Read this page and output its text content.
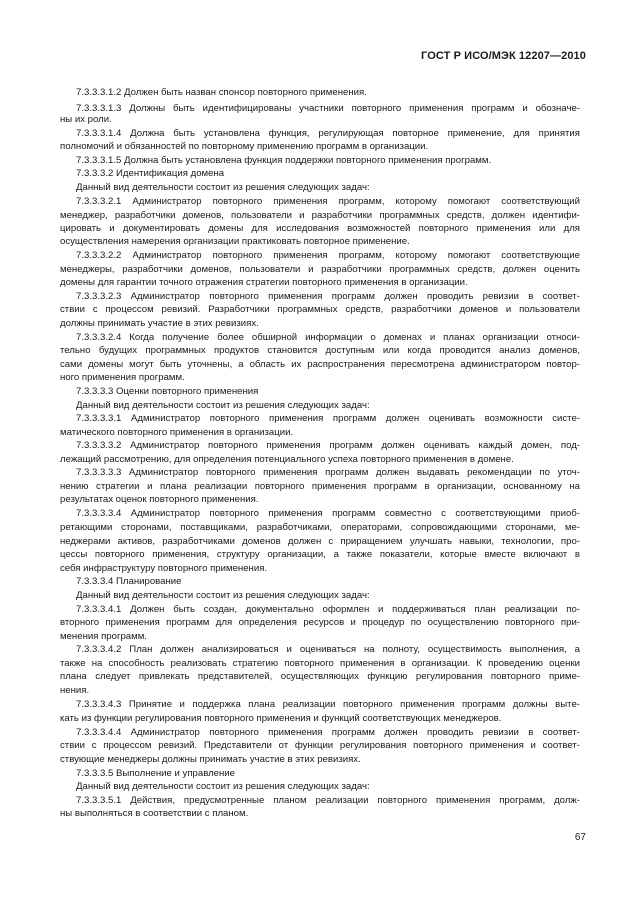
ГОСТ Р ИСО/МЭК 12207—2010
7.3.3.3.1.2 Должен быть назван спонсор повторного применения.
7.3.3.3.1.3 Должны быть идентифицированы участники повторного применения программ и обозначе-
ны их роли.
7.3.3.3.1.4 Должна быть установлена функция, регулирующая повторное применение, для принятия
полномочий и обязанностей по повторному применению программ в организации.
7.3.3.3.1.5 Должна быть установлена функция поддержки повторного применения программ.
7.3.3.3.2 Идентификация домена
Данный вид деятельности состоит из решения следующих задач:
7.3.3.3.2.1 Администратор повторного применения программ, которому помогают соответствующий
менеджер, разработчики доменов, пользователи и разработчики программных средств, должен идентифи-
цировать и документировать домены для исследования возможностей повторного применения или для
осуществления намерения организации практиковать повторное применение.
7.3.3.3.2.2 Администратор повторного применения программ, которому помогают соответствующие
менеджеры, разработчики доменов, пользователи и разработчики программных средств, должен оценить
домены для гарантии точного отражения стратегии повторного применения в организации.
7.3.3.3.2.3 Администратор повторного применения программ должен проводить ревизии в соответ-
ствии с процессом ревизий. Разработчики программных средств, разработчики доменов и пользователи
должны принимать участие в этих ревизиях.
7.3.3.3.2.4 Когда получение более обширной информации о доменах и планах организации относи-
тельно будущих программных продуктов становится доступным или когда проводится анализ доменов,
сами домены могут быть уточнены, а область их распространения пересмотрена администратором повтор-
ного применения программ.
7.3.3.3.3 Оценки повторного применения
Данный вид деятельности состоит из решения следующих задач:
7.3.3.3.3.1 Администратор повторного применения программ должен оценивать возможности систе-
матического повторного применения в организации.
7.3.3.3.3.2 Администратор повторного применения программ должен оценивать каждый домен, под-
лежащий рассмотрению, для определения потенциального успеха повторного применения в домене.
7.3.3.3.3.3 Администратор повторного применения программ должен выдавать рекомендации по уточ-
нению стратегии и плана реализации повторного применения программ в организации, основанному на
результатах оценок повторного применения.
7.3.3.3.3.4 Администратор повторного применения программ совместно с соответствующими приоб-
ретающими сторонами, поставщиками, разработчиками, операторами, сопровождающими сторонами, ме-
неджерами активов, разработчиками доменов должен с приращением улучшать навыки, технологии, про-
цессы повторного применения, структуру организации, а также показатели, которые вместе включают в
себя инфраструктуру повторного применения.
7.3.3.3.4 Планирование
Данный вид деятельности состоит из решения следующих задач:
7.3.3.3.4.1 Должен быть создан, документально оформлен и поддерживаться план реализации по-
вторного применения программ для определения ресурсов и процедур по осуществлению повторного при-
менения программ.
7.3.3.3.4.2 План должен анализироваться и оцениваться на полноту, осуществимость выполнения, а
также на способность реализовать стратегию повторного применения в организации. К проведению оценки
плана следует привлекать представителей, осуществляющих функцию регулирования повторного приме-
нения.
7.3.3.3.4.3 Принятие и поддержка плана реализации повторного применения программ должны выте-
кать из функции регулирования повторного применения и функций соответствующих менеджеров.
7.3.3.3.4.4 Администратор повторного применения программ должен проводить ревизии в соответ-
ствии с процессом ревизий. Представители от функции регулирования повторного применения и соответ-
ствующие менеджеры должны принимать участие в этих ревизиях.
7.3.3.3.5 Выполнение и управление
Данный вид деятельности состоит из решения следующих задач:
7.3.3.3.5.1 Действия, предусмотренные планом реализации повторного применения программ, долж-
ны выполняться в соответствии с планом.
67
